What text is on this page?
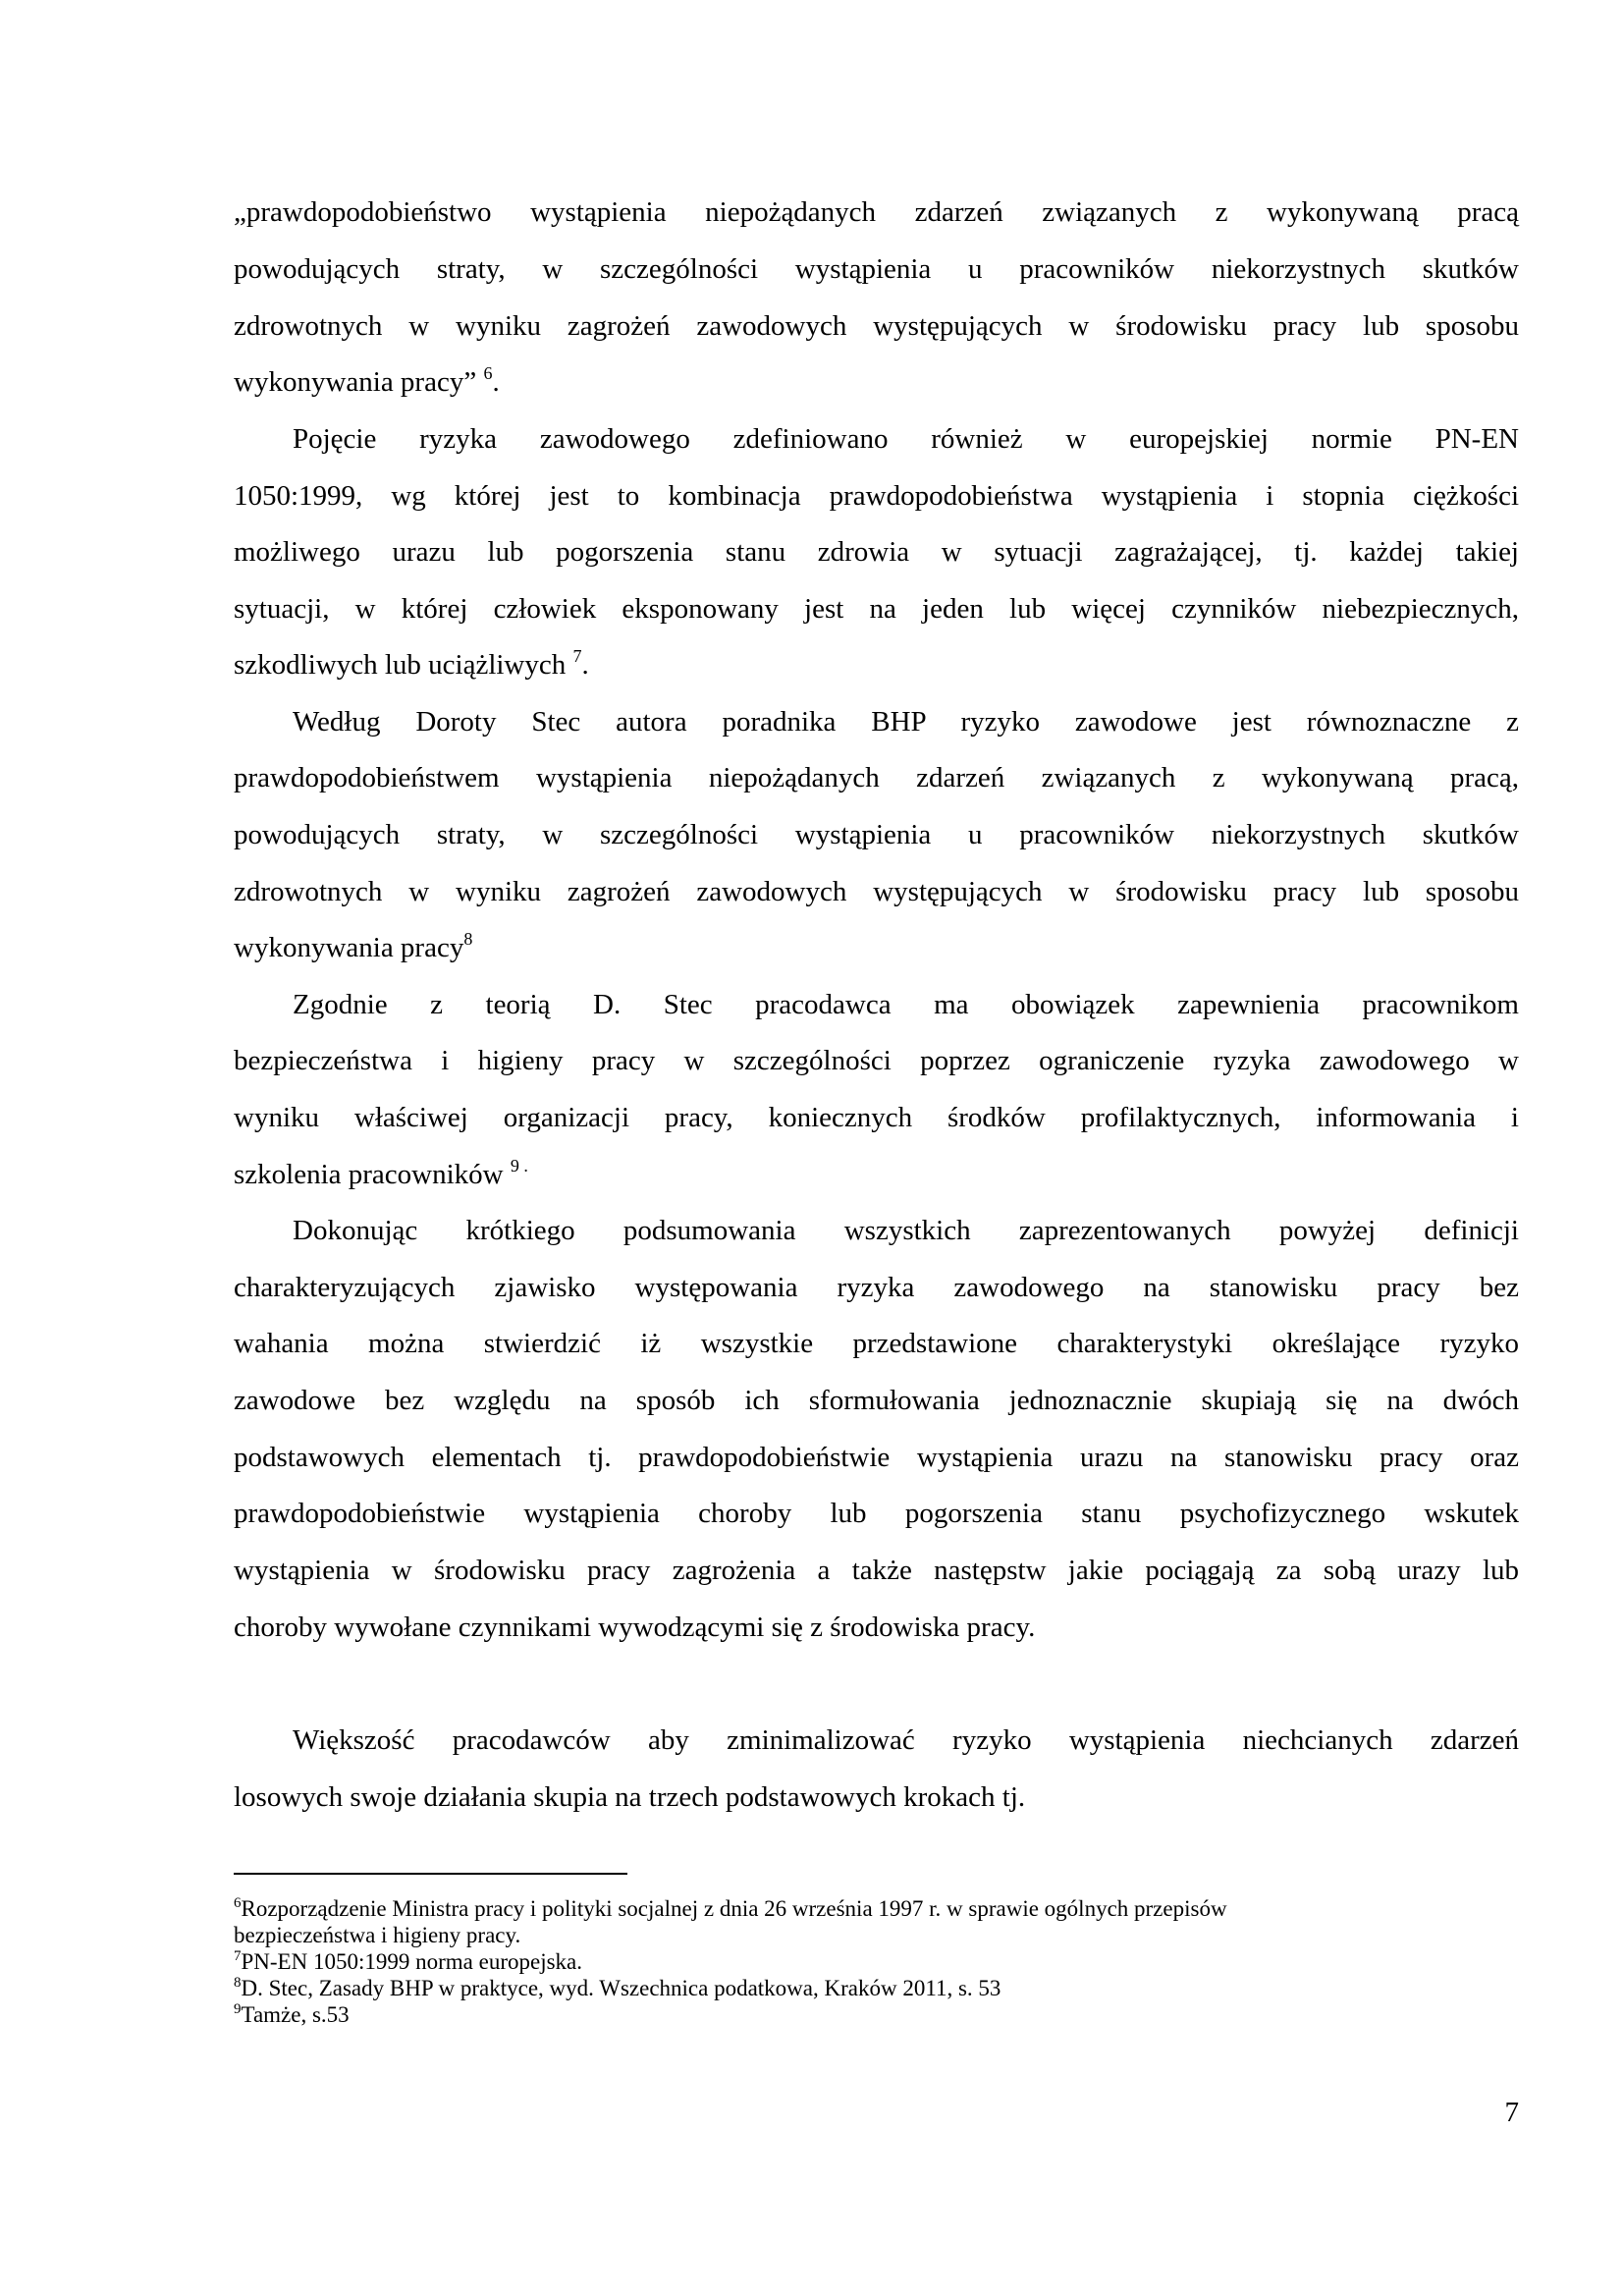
„prawdopodobieństwo wystąpienia niepożądanych zdarzeń związanych z wykonywaną pracą
powodujących straty, w szczególności wystąpienia u pracowników niekorzystnych skutków
zdrowotnych w wyniku zagrożeń zawodowych występujących w środowisku pracy lub sposobu
wykonywania pracy” $^6$.
Pojęcie ryzyka zawodowego zdefiniowano również w europejskiej normie PN-EN
1050:1999, wg której jest to kombinacja prawdopodobieństwa wystąpienia i stopnia ciężkości
możliwego urazu lub pogorszenia stanu zdrowia w sytuacji zagrażającej, tj. każdej takiej
sytuacji, w której człowiek eksponowany jest na jeden lub więcej czynników niebezpiecznych,
szkodliwych lub uciążliwych $^7$.
Według Doroty Stec autora poradnika BHP ryzyko zawodowe jest równoznaczne z
prawdopodobieństwem wystąpienia niepożądanych zdarzeń związanych z wykonywaną pracą,
powodujących straty, w szczególności wystąpienia u pracowników niekorzystnych skutków
zdrowotnych w wyniku zagrożeń zawodowych występujących w środowisku pracy lub sposobu
wykonywania pracy$^8$
Zgodnie z teorią D. Stec pracodawca ma obowiązek zapewnienia pracownikom
bezpieczeństwa i higieny pracy w szczególności poprzez ograniczenie ryzyka zawodowego w
wyniku właściwej organizacji pracy, koniecznych środków profilaktycznych, informowania i
szkolenia pracowników $^{9 .}$
Dokonując krótkiego podsumowania wszystkich zaprezentowanych powyżej definicji
charakteryzujących zjawisko występowania ryzyka zawodowego na stanowisku pracy bez
wahania można stwierdzić iż wszystkie przedstawione charakterystyki określające ryzyko
zawodowe bez względu na sposób ich sformułowania jednoznacznie skupiają się na dwóch
podstawowych elementach tj. prawdopodobieństwie wystąpienia urazu na stanowisku pracy oraz
prawdopodobieństwie wystąpienia choroby lub pogorszenia stanu psychofizycznego wskutek
wystąpienia w środowisku pracy zagrożenia a także następstw jakie pociągają za sobą urazy lub
choroby wywołane czynnikami wywodzącymi się z środowiska pracy.
Większość pracodawców aby zminimalizować ryzyko wystąpienia niechcianych zdarzeń
losowych swoje działania skupia na trzech podstawowych krokach tj.
$^6$Rozporządzenie Ministra pracy i polityki socjalnej z dnia 26 września 1997 r. w sprawie ogólnych przepisów
bezpieczeństwa i higieny pracy.
$^7$PN-EN 1050:1999 norma europejska.
$^8$D. Stec, Zasady BHP w praktyce, wyd. Wszechnica podatkowa, Kraków 2011, s. 53
$^9$Tamże, s.53
7
